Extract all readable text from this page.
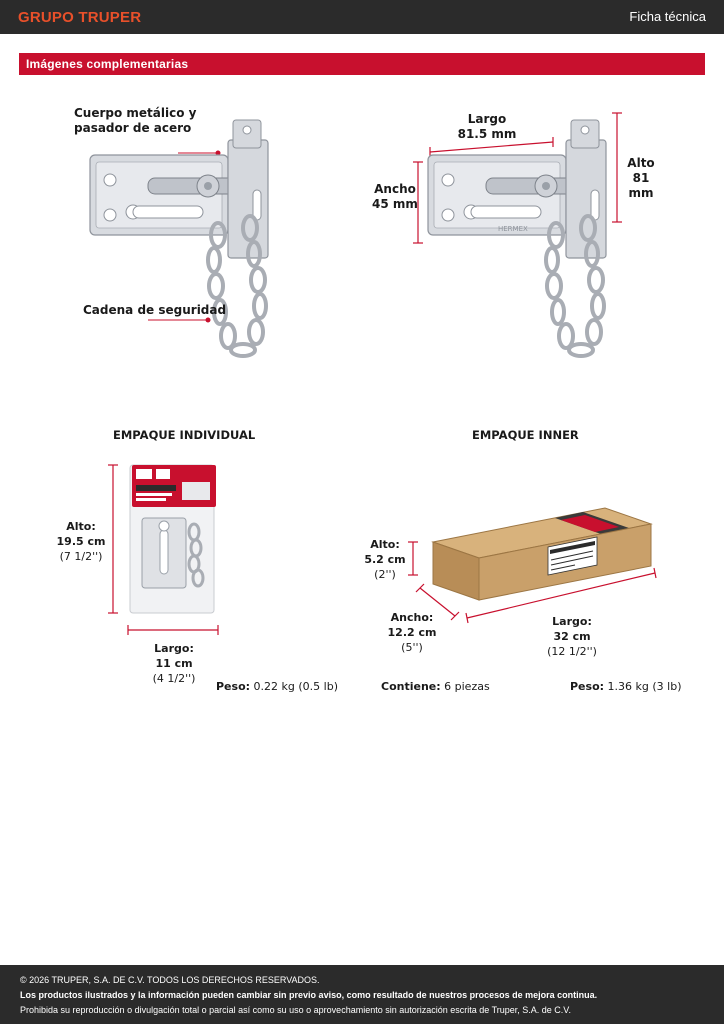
GRUPO TRUPER	Ficha técnica
Imágenes complementarias
Cuerpo metálico y
pasador de acero
Cadena de seguridad
HERMEX
Largo
81.5 mm
Ancho
45 mm
Alto
81 mm
EMPAQUE INDIVIDUAL
Alto:
19.5 cm
(7 1/2'')
Largo:
11 cm
(4 1/2'')
Peso: 0.22 kg (0.5 lb)
EMPAQUE INNER
Alto:
5.2 cm
(2'')
Ancho:
12.2 cm
(5'')
Largo:
32 cm
(12 1/2'')
Contiene: 6 piezas	Peso: 1.36 kg (3 lb)
© 2026 TRUPER, S.A. DE C.V. TODOS LOS DERECHOS RESERVADOS.
Los productos ilustrados y la información pueden cambiar sin previo aviso, como resultado de nuestros procesos de mejora continua.
Prohibida su reproducción o divulgación total o parcial así como su uso o aprovechamiento sin autorización escrita de Truper, S.A. de C.V.
